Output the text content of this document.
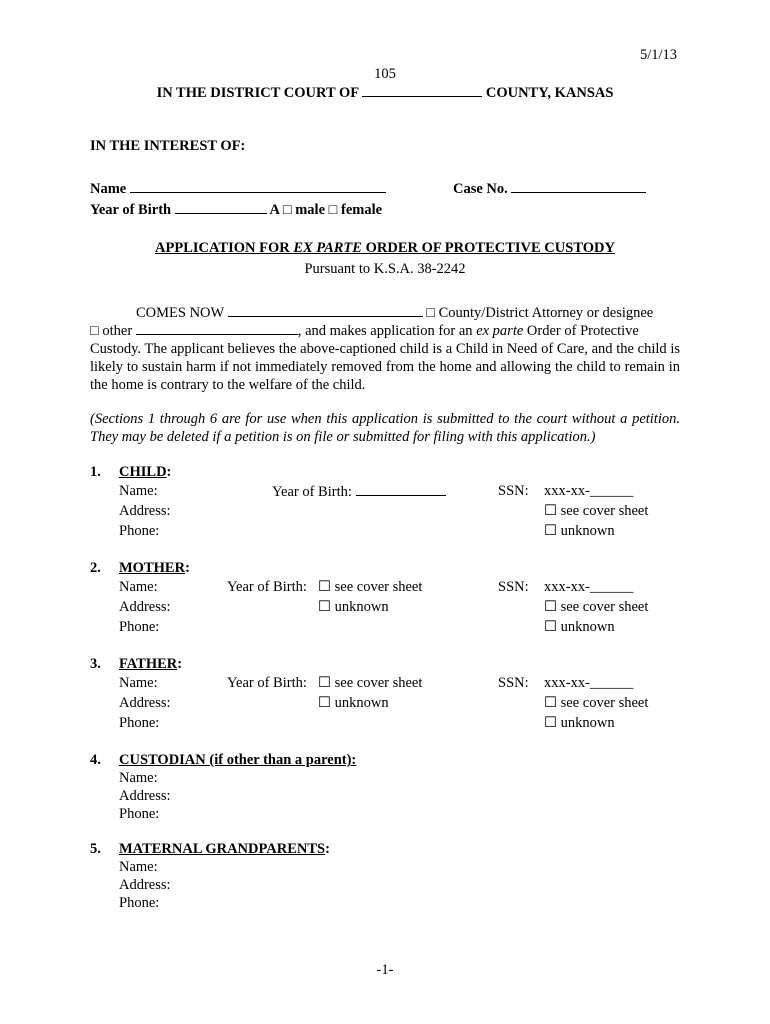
5/1/13
105
IN THE DISTRICT COURT OF	COUNTY, KANSAS
IN THE INTEREST OF:
Name	Case No.
Year of Birth	A □ male □ female
APPLICATION FOR EX PARTE ORDER OF PROTECTIVE CUSTODY
Pursuant to K.S.A. 38-2242
COMES NOW	□ County/District Attorney or designee
□ other	, and makes application for an ex parte Order of Protective
Custody. The applicant believes the above-captioned child is a Child in Need of Care, and the child is likely to sustain harm if not immediately removed from the home and allowing the child to remain in the home is contrary to the welfare of the child.
(Sections 1 through 6 are for use when this application is submitted to the court without a petition. They may be deleted if a petition is on file or submitted for filing with this application.)
1. CHILD:
Name:	Year of Birth:	SSN: xxx-xx-______
Address:	☐ see cover sheet
Phone:	☐ unknown
2. MOTHER:
Name:	Year of Birth: ☐ see cover sheet	SSN: xxx-xx-______
Address:	☐ unknown	☐ see cover sheet
Phone:	☐ unknown
3. FATHER:
Name:	Year of Birth: ☐ see cover sheet	SSN: xxx-xx-______
Address:	☐ unknown	☐ see cover sheet
Phone:	☐ unknown
4. CUSTODIAN (if other than a parent):
Name:
Address:
Phone:
5. MATERNAL GRANDPARENTS:
Name:
Address:
Phone:
-1-
